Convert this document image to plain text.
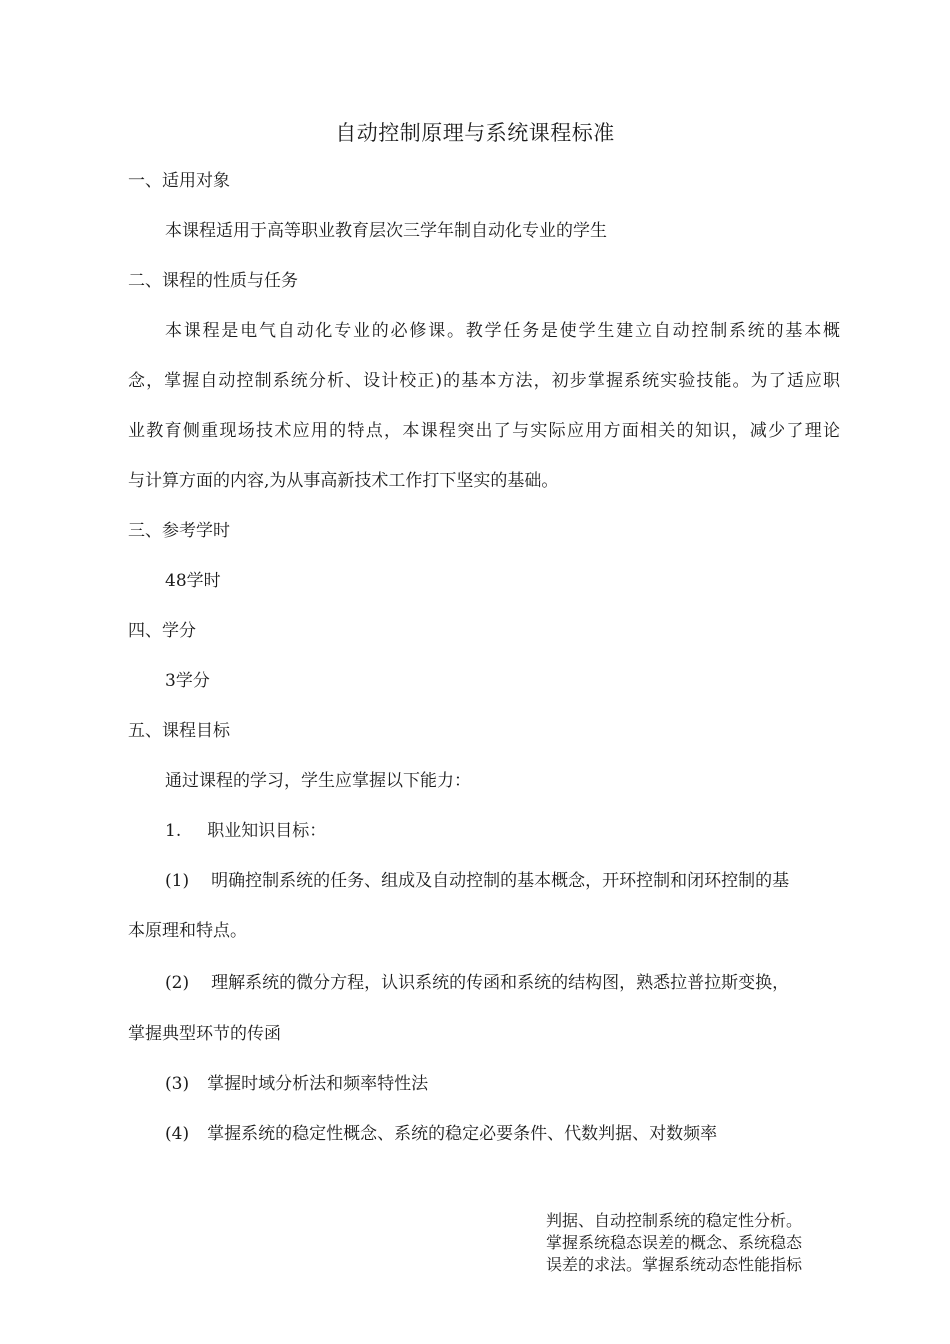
自动控制原理与系统课程标准
一、适用对象
本课程适用于高等职业教育层次三学年制自动化专业的学生
二、课程的性质与任务
本课程是电气自动化专业的必修课。教学任务是使学生建立自动控制系统的基本概
念，掌握自动控制系统分析、设计校正)的基本方法，初步掌握系统实验技能。为了适应职
业教育侧重现场技术应用的特点，本课程突出了与实际应用方面相关的知识，减少了理论
与计算方面的内容,为从事高新技术工作打下坚实的基础。
三、参考学时
48学时
四、学分
3学分
五、课程目标
通过课程的学习，学生应掌握以下能力：
1. 职业知识目标：
(1) 明确控制系统的任务、组成及自动控制的基本概念，开环控制和闭环控制的基
本原理和特点。
(2) 理解系统的微分方程，认识系统的传函和系统的结构图，熟悉拉普拉斯变换，
掌握典型环节的传函
(3) 掌握时域分析法和频率特性法
(4) 掌握系统的稳定性概念、系统的稳定必要条件、代数判据、对数频率
判据、自动控制系统的稳定性分析。
掌握系统稳态误差的概念、系统稳态
误差的求法。掌握系统动态性能指标
